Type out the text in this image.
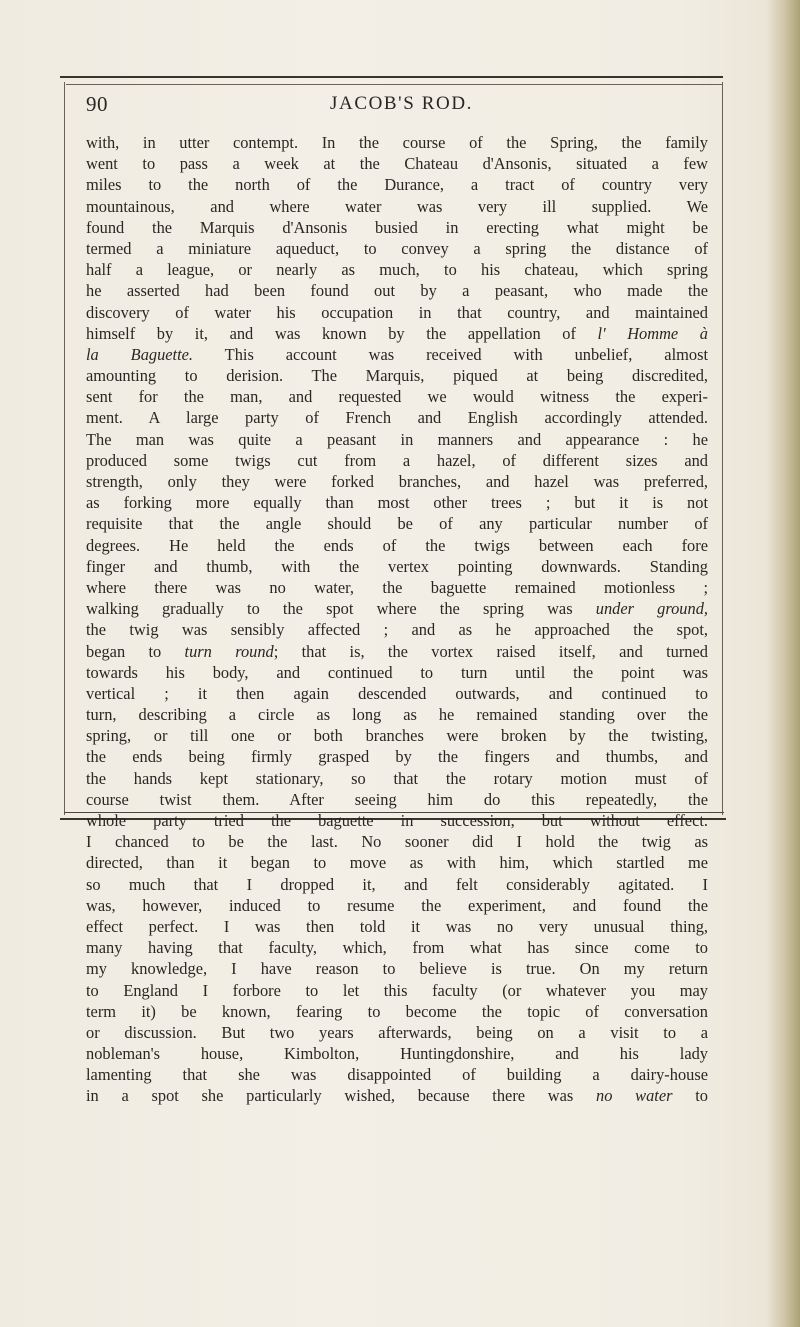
90	JACOB'S ROD.
with, in utter contempt. In the course of the Spring, the family
went to pass a week at the Chateau d'Ansonis, situated a few
miles to the north of the Durance, a tract of country very
mountainous, and where water was very ill supplied. We
found the Marquis d'Ansonis busied in erecting what might be
termed a miniature aqueduct, to convey a spring the distance of
half a league, or nearly as much, to his chateau, which spring
he asserted had been found out by a peasant, who made the
discovery of water his occupation in that country, and maintained
himself by it, and was known by the appellation of l' Homme à
la Baguette. This account was received with unbelief, almost
amounting to derision. The Marquis, piqued at being discredited,
sent for the man, and requested we would witness the experi-
ment. A large party of French and English accordingly attended.
The man was quite a peasant in manners and appearance : he
produced some twigs cut from a hazel, of different sizes and
strength, only they were forked branches, and hazel was preferred,
as forking more equally than most other trees ; but it is not
requisite that the angle should be of any particular number of
degrees. He held the ends of the twigs between each fore
finger and thumb, with the vertex pointing downwards. Standing
where there was no water, the baguette remained motionless ;
walking gradually to the spot where the spring was under ground,
the twig was sensibly affected ; and as he approached the spot,
began to turn round; that is, the vortex raised itself, and turned
towards his body, and continued to turn until the point was
vertical ; it then again descended outwards, and continued to
turn, describing a circle as long as he remained standing over the
spring, or till one or both branches were broken by the twisting,
the ends being firmly grasped by the fingers and thumbs, and
the hands kept stationary, so that the rotary motion must of
course twist them. After seeing him do this repeatedly, the
whole party tried the baguette in succession, but without effect.
I chanced to be the last. No sooner did I hold the twig as
directed, than it began to move as with him, which startled me
so much that I dropped it, and felt considerably agitated. I
was, however, induced to resume the experiment, and found the
effect perfect. I was then told it was no very unusual thing,
many having that faculty, which, from what has since come to
my knowledge, I have reason to believe is true. On my return
to England I forbore to let this faculty (or whatever you may
term it) be known, fearing to become the topic of conversation
or discussion. But two years afterwards, being on a visit to a
nobleman's house, Kimbolton, Huntingdonshire, and his lady
lamenting that she was disappointed of building a dairy-house
in a spot she particularly wished, because there was no water to
